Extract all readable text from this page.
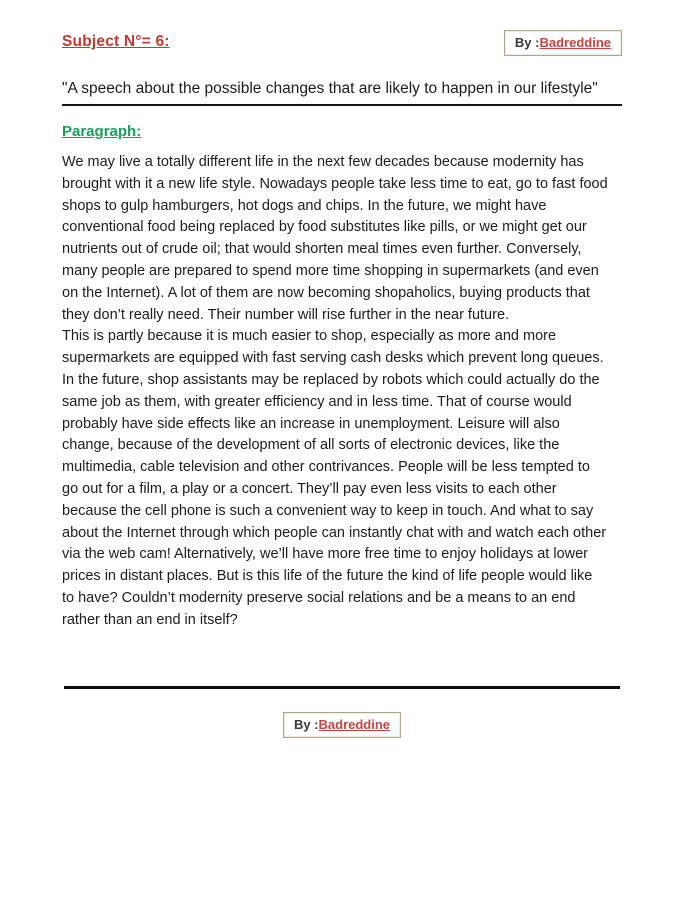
Subject N°= 6:	By :Badreddine

"A speech about the possible changes that are likely to happen in our lifestyle"

Paragraph:

We may live a totally different life in the next few decades because modernity has brought with it a new life style. Nowadays people take less time to eat, go to fast food shops to gulp hamburgers, hot dogs and chips. In the future, we might have conventional food being replaced by food substitutes like pills, or we might get our nutrients out of crude oil; that would shorten meal times even further. Conversely, many people are prepared to spend more time shopping in supermarkets (and even on the Internet). A lot of them are now becoming shopaholics, buying products that they don’t really need. Their number will rise further in the near future.

This is partly because it is much easier to shop, especially as more and more supermarkets are equipped with fast serving cash desks which prevent long queues. In the future, shop assistants may be replaced by robots which could actually do the same job as them, with greater efficiency and in less time. That of course would probably have side effects like an increase in unemployment. Leisure will also change, because of the development of all sorts of electronic devices, like the multimedia, cable television and other contrivances. People will be less tempted to go out for a film, a play or a concert. They’ll pay even less visits to each other because the cell phone is such a convenient way to keep in touch. And what to say about the Internet through which people can instantly chat with and watch each other via the web cam! Alternatively, we’ll have more free time to enjoy holidays at lower prices in distant places. But is this life of the future the kind of life people would like to have? Couldn’t modernity preserve social relations and be a means to an end rather than an end in itself?

By :Badreddine
